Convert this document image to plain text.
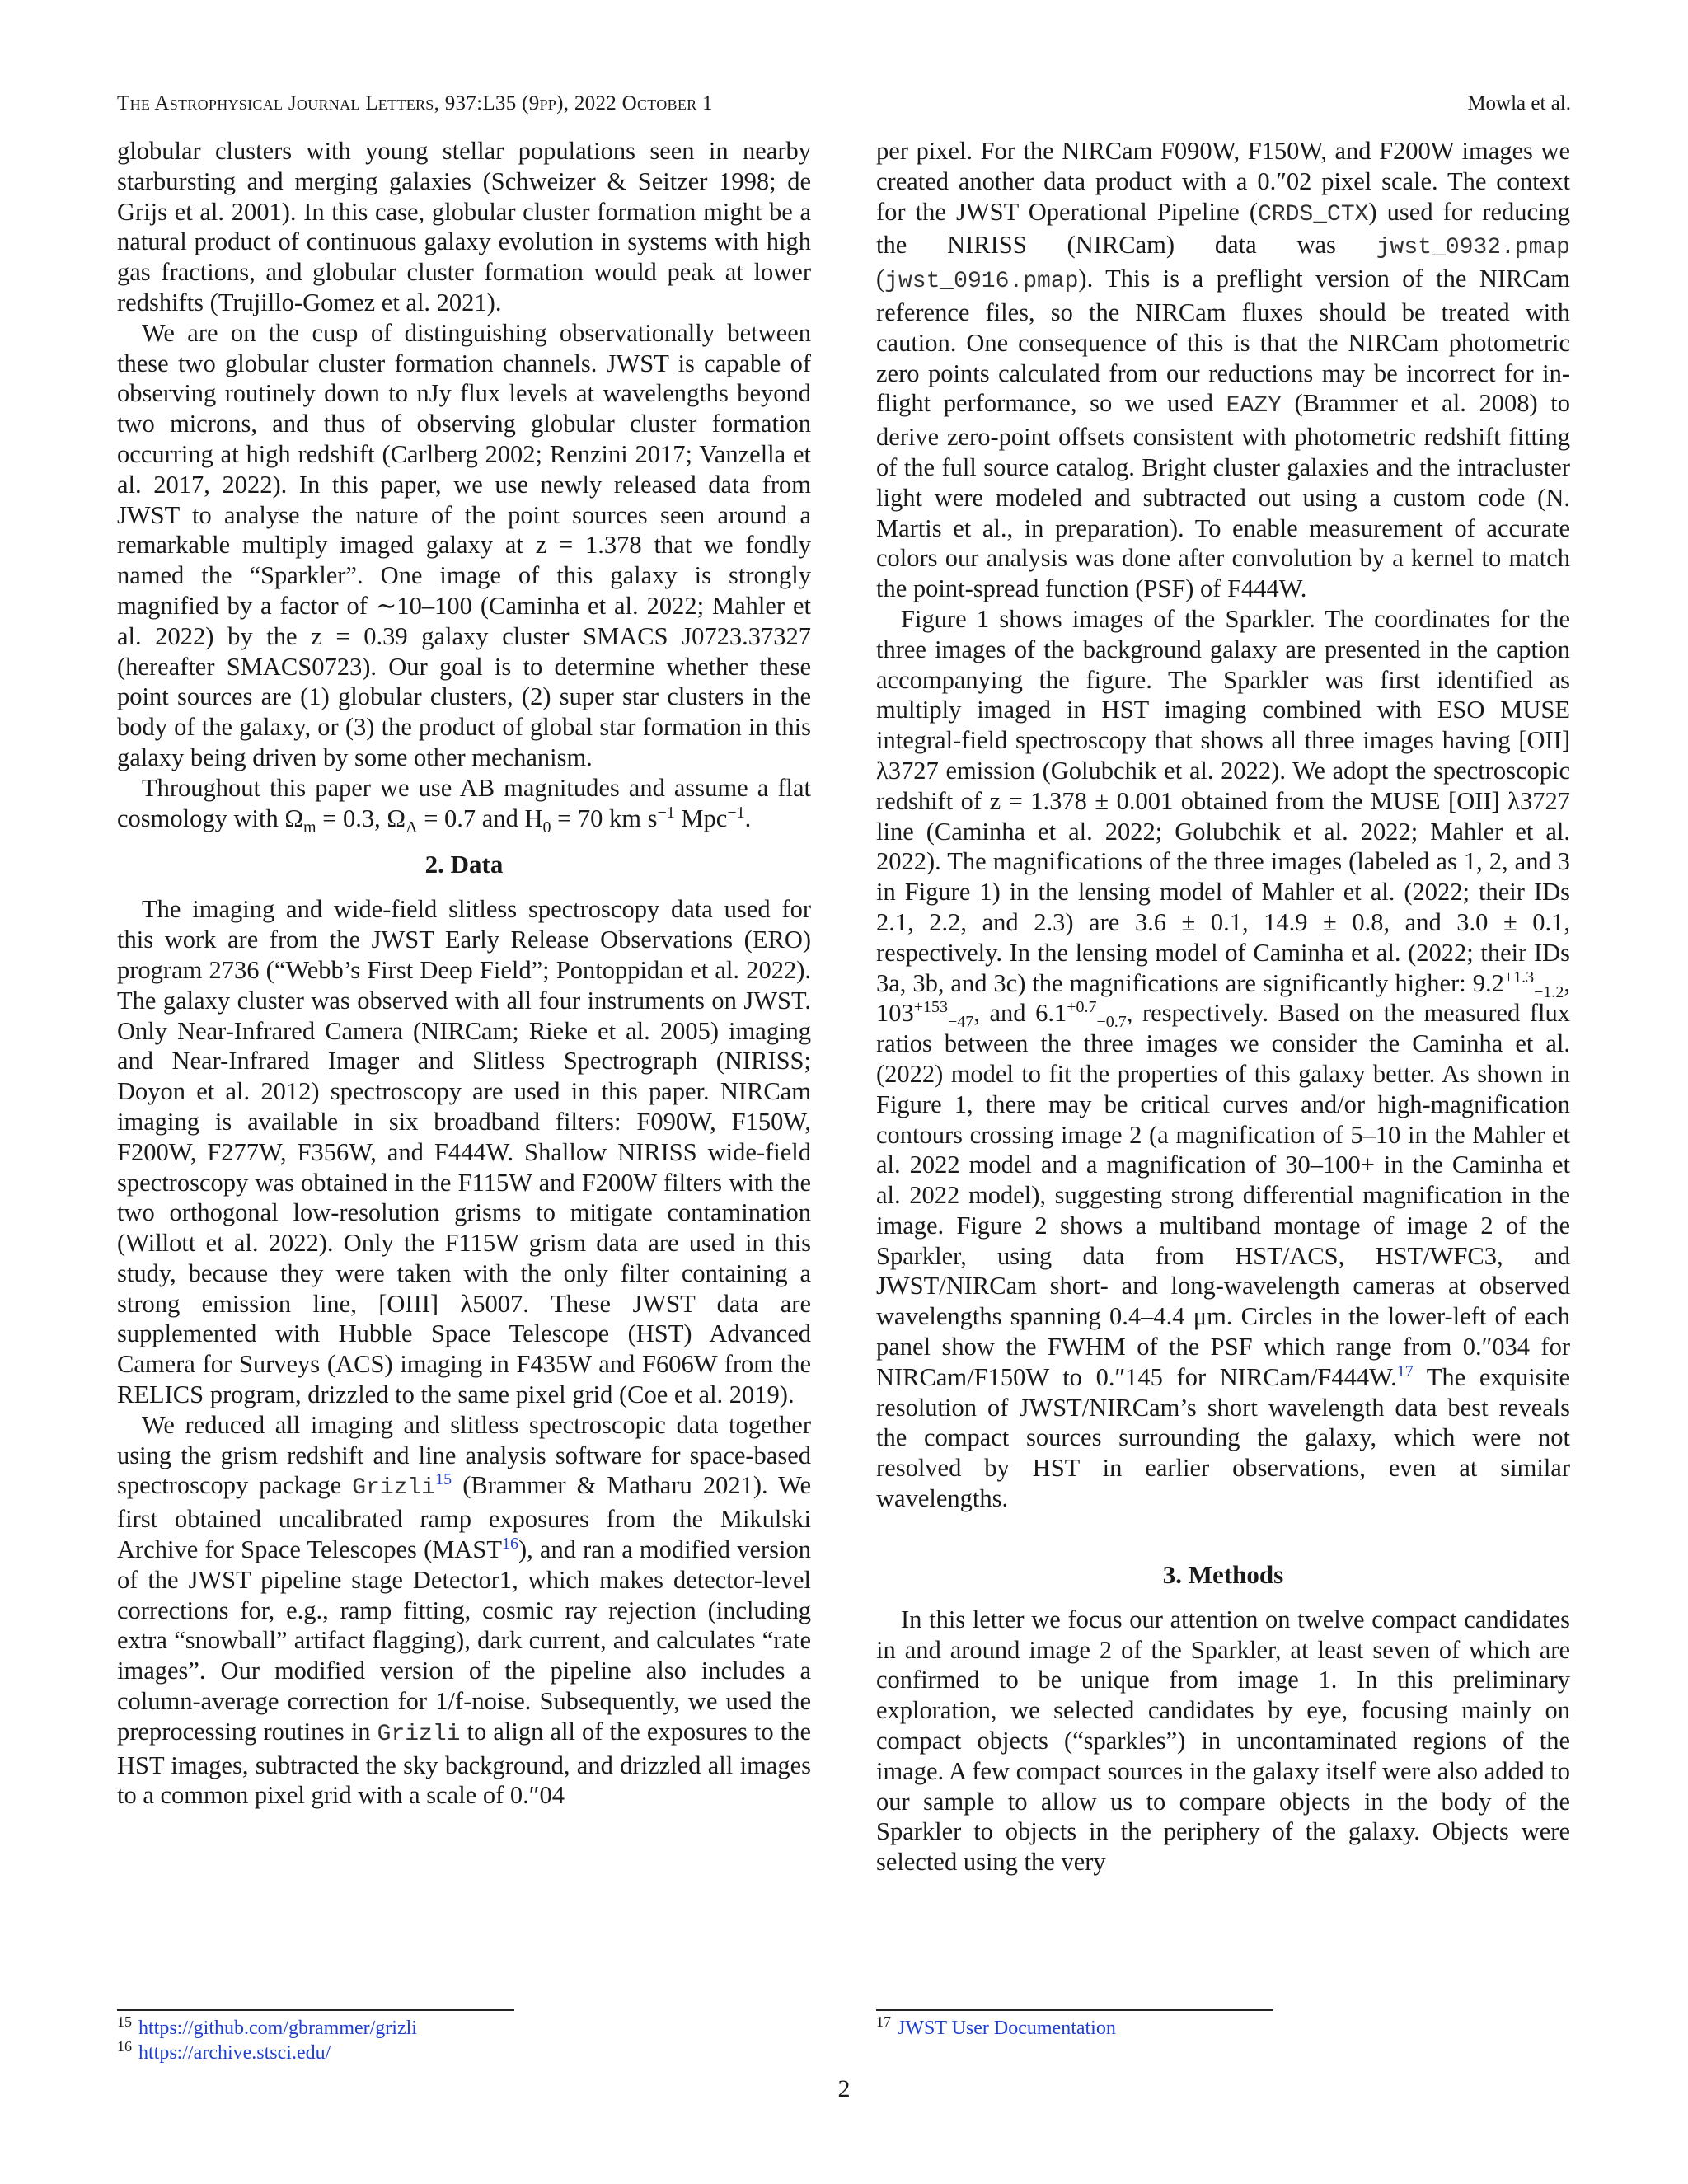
The Astrophysical Journal Letters, 937:L35 (9pp), 2022 October 1	Mowla et al.

globular clusters with young stellar populations seen in nearby starbursting and merging galaxies (Schweizer & Seitzer 1998; de Grijs et al. 2001). In this case, globular cluster formation might be a natural product of continuous galaxy evolution in systems with high gas fractions, and globular cluster formation would peak at lower redshifts (Trujillo-Gomez et al. 2021).

We are on the cusp of distinguishing observationally between these two globular cluster formation channels. JWST is capable of observing routinely down to nJy flux levels at wavelengths beyond two microns, and thus of observing globular cluster formation occurring at high redshift (Carlberg 2002; Renzini 2017; Vanzella et al. 2017, 2022). In this paper, we use newly released data from JWST to analyse the nature of the point sources seen around a remarkable multiply imaged galaxy at z = 1.378 that we fondly named the “Sparkler”. One image of this galaxy is strongly magnified by a factor of ∼10–100 (Caminha et al. 2022; Mahler et al. 2022) by the z = 0.39 galaxy cluster SMACS J0723.37327 (hereafter SMACS0723). Our goal is to determine whether these point sources are (1) globular clusters, (2) super star clusters in the body of the galaxy, or (3) the product of global star formation in this galaxy being driven by some other mechanism.

Throughout this paper we use AB magnitudes and assume a flat cosmology with $\Omega_m = 0.3$, $\Omega_\Lambda = 0.7$ and $H_0 = 70$ km $s^{-1}$ Mpc$^{-1}$.

2. Data

The imaging and wide-field slitless spectroscopy data used for this work are from the JWST Early Release Observations (ERO) program 2736 (“Webb’s First Deep Field”; Pontoppidan et al. 2022). The galaxy cluster was observed with all four instruments on JWST. Only Near-Infrared Camera (NIRCam; Rieke et al. 2005) imaging and Near-Infrared Imager and Slitless Spectrograph (NIRISS; Doyon et al. 2012) spectroscopy are used in this paper. NIRCam imaging is available in six broadband filters: F090W, F150W, F200W, F277W, F356W, and F444W. Shallow NIRISS wide-field spectroscopy was obtained in the F115W and F200W filters with the two orthogonal low-resolution grisms to mitigate contamination (Willott et al. 2022). Only the F115W grism data are used in this study, because they were taken with the only filter containing a strong emission line, [OIII] λ5007. These JWST data are supplemented with Hubble Space Telescope (HST) Advanced Camera for Surveys (ACS) imaging in F435W and F606W from the RELICS program, drizzled to the same pixel grid (Coe et al. 2019).

We reduced all imaging and slitless spectroscopic data together using the grism redshift and line analysis software for space-based spectroscopy package Grizli$^{15}$ (Brammer & Matharu 2021). We first obtained uncalibrated ramp exposures from the Mikulski Archive for Space Telescopes (MAST$^{16}$), and ran a modified version of the JWST pipeline stage Detector1, which makes detector-level corrections for, e.g., ramp fitting, cosmic ray rejection (including extra “snowball” artifact flagging), dark current, and calculates “rate images”. Our modified version of the pipeline also includes a column-average correction for 1/f-noise. Subsequently, we used the preprocessing routines in Grizli to align all of the exposures to the HST images, subtracted the sky background, and drizzled all images to a common pixel grid with a scale of 0.″04

per pixel. For the NIRCam F090W, F150W, and F200W images we created another data product with a 0.″02 pixel scale. The context for the JWST Operational Pipeline (CRDS_CTX) used for reducing the NIRISS (NIRCam) data was jwst_0932.pmap (jwst_0916.pmap). This is a preflight version of the NIRCam reference files, so the NIRCam fluxes should be treated with caution. One consequence of this is that the NIRCam photometric zero points calculated from our reductions may be incorrect for in-flight performance, so we used EAZY (Brammer et al. 2008) to derive zero-point offsets consistent with photometric redshift fitting of the full source catalog. Bright cluster galaxies and the intracluster light were modeled and subtracted out using a custom code (N. Martis et al., in preparation). To enable measurement of accurate colors our analysis was done after convolution by a kernel to match the point-spread function (PSF) of F444W.

Figure 1 shows images of the Sparkler. The coordinates for the three images of the background galaxy are presented in the caption accompanying the figure. The Sparkler was first identified as multiply imaged in HST imaging combined with ESO MUSE integral-field spectroscopy that shows all three images having [OII] λ3727 emission (Golubchik et al. 2022). We adopt the spectroscopic redshift of z = 1.378 ± 0.001 obtained from the MUSE [OII] λ3727 line (Caminha et al. 2022; Golubchik et al. 2022; Mahler et al. 2022). The magnifications of the three images (labeled as 1, 2, and 3 in Figure 1) in the lensing model of Mahler et al. (2022; their IDs 2.1, 2.2, and 2.3) are 3.6 ± 0.1, 14.9 ± 0.8, and 3.0 ± 0.1, respectively. In the lensing model of Caminha et al. (2022; their IDs 3a, 3b, and 3c) the magnifications are significantly higher: $9.2^{+1.3}_{-1.2}$, $103^{+153}_{-47}$, and $6.1^{+0.7}_{-0.7}$, respectively. Based on the measured flux ratios between the three images we consider the Caminha et al. (2022) model to fit the properties of this galaxy better. As shown in Figure 1, there may be critical curves and/or high-magnification contours crossing image 2 (a magnification of 5–10 in the Mahler et al. 2022 model and a magnification of 30–100+ in the Caminha et al. 2022 model), suggesting strong differential magnification in the image. Figure 2 shows a multiband montage of image 2 of the Sparkler, using data from HST/ACS, HST/WFC3, and JWST/NIRCam short- and long-wavelength cameras at observed wavelengths spanning 0.4–4.4 μm. Circles in the lower-left of each panel show the FWHM of the PSF which range from 0.″034 for NIRCam/F150W to 0.″145 for NIRCam/F444W.$^{17}$ The exquisite resolution of JWST/NIRCam’s short wavelength data best reveals the compact sources surrounding the galaxy, which were not resolved by HST in earlier observations, even at similar wavelengths.

3. Methods

In this letter we focus our attention on twelve compact candidates in and around image 2 of the Sparkler, at least seven of which are confirmed to be unique from image 1. In this preliminary exploration, we selected candidates by eye, focusing mainly on compact objects (“sparkles”) in uncontaminated regions of the image. A few compact sources in the galaxy itself were also added to our sample to allow us to compare objects in the body of the Sparkler to objects in the periphery of the galaxy. Objects were selected using the very

$^{15}$ https://github.com/gbrammer/grizli
$^{16}$ https://archive.stsci.edu/
$^{17}$ JWST User Documentation
2
